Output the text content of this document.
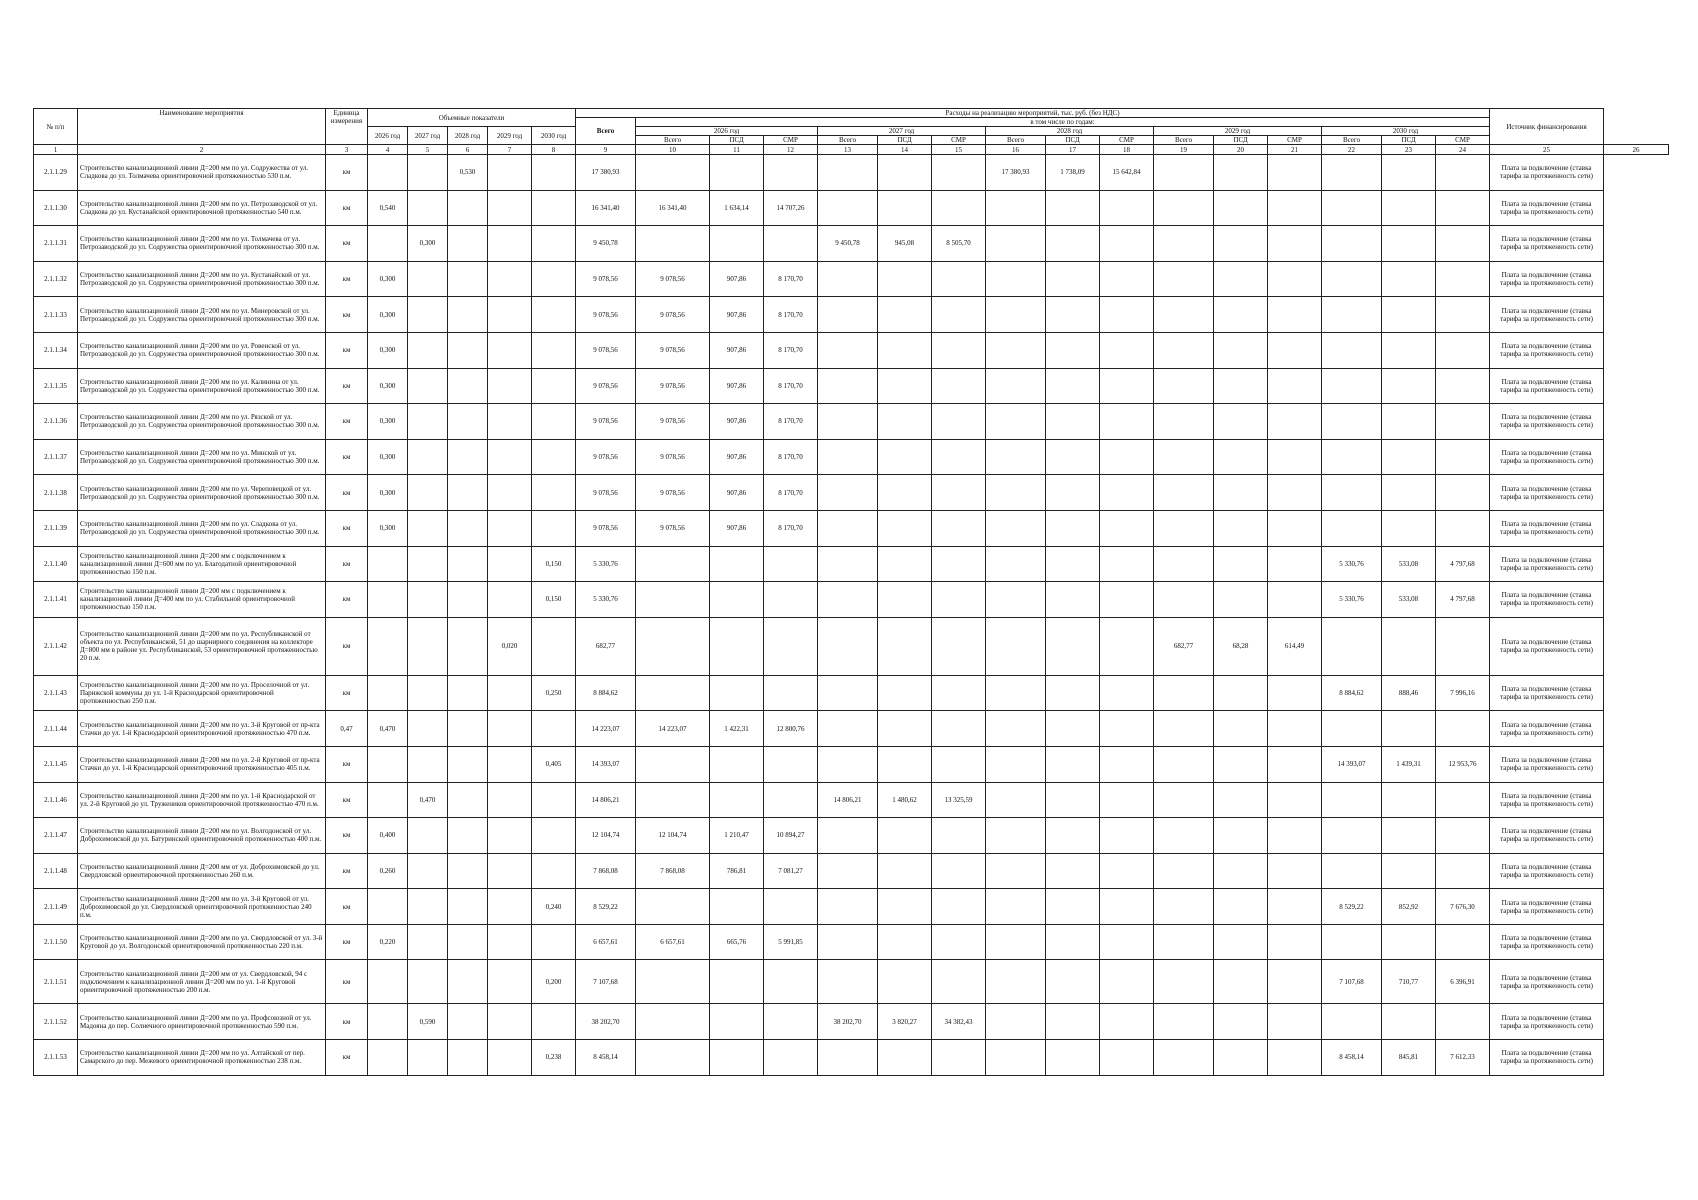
№ п/п	Наименование мероприятия	Единица измерения	Объемные показатели					Расходы на реализацию мероприятий, тыс. руб. (без НДС)																Источник финансирования	
								Всего	в том числе по годам:																
			2026 год	2027 год	2028 год	2029 год	2030 год		2026 год			2027 год			2028 год			2029 год			2030 год				
									Всего	ПСД	СМР	Всего	ПСД	СМР	Всего	ПСД	СМР	Всего	ПСД	СМР	Всего	ПСД	СМР		
1	2	3	4	5	6	7	8	9	10	11	12	13	14	15	16	17	18	19	20	21	22	23	24	25	26
2.1.1.29	Строительство канализационной линии Д=200 мм по ул. Содружества от ул. Сладкова до ул. Толмачева ориентировочной протяженностью 530 п.м.	км			0,530			17 380,93							17 380,93	1 738,09	15 642,84							Плата за подключение (ставка тарифа за протяженность сети)	
2.1.1.30	Строительство канализационной линии Д=200 мм по ул. Петрозаводской от ул. Сладкова до ул. Кустанайской ориентировочной протяженностью 540 п.м.	км	0,540					16 341,40	16 341,40	1 634,14	14 707,26													Плата за подключение (ставка тарифа за протяженность сети)	
2.1.1.31	Строительство канализационной линии Д=200 мм по ул. Толмачева от ул. Петрозаводской до ул. Содружества ориентировочной протяженностью 300 п.м.	км		0,300				9 450,78				9 450,78	945,08	8 505,70										Плата за подключение (ставка тарифа за протяженность сети)	
2.1.1.32	Строительство канализационной линии Д=200 мм по ул. Кустанайской от ул. Петрозаводской до ул. Содружества ориентировочной протяженностью 300 п.м.	км	0,300					9 078,56	9 078,56	907,86	8 170,70													Плата за подключение (ставка тарифа за протяженность сети)	
2.1.1.33	Строительство канализационной линии Д=200 мм по ул. Минеровской от ул. Петрозаводской до ул. Содружества ориентировочной протяженностью 300 п.м.	км	0,300					9 078,56	9 078,56	907,86	8 170,70													Плата за подключение (ставка тарифа за протяженность сети)	
2.1.1.34	Строительство канализационной линии Д=200 мм по ул. Ровенской от ул. Петрозаводской до ул. Содружества ориентировочной протяженностью 300 п.м.	км	0,300					9 078,56	9 078,56	907,86	8 170,70													Плата за подключение (ставка тарифа за протяженность сети)	
2.1.1.35	Строительство канализационной линии Д=200 мм по ул. Калинина от ул. Петрозаводской до ул. Содружества ориентировочной протяженностью 300 п.м.	км	0,300					9 078,56	9 078,56	907,86	8 170,70													Плата за подключение (ставка тарифа за протяженность сети)	
2.1.1.36	Строительство канализационной линии Д=200 мм по ул. Рязской от ул. Петрозаводской до ул. Содружества ориентировочной протяженностью 300 п.м.	км	0,300					9 078,56	9 078,56	907,86	8 170,70													Плата за подключение (ставка тарифа за протяженность сети)	
2.1.1.37	Строительство канализационной линии Д=200 мм по ул. Минской от ул. Петрозаводской до ул. Содружества ориентировочной протяженностью 300 п.м.	км	0,300					9 078,56	9 078,56	907,86	8 170,70													Плата за подключение (ставка тарифа за протяженность сети)	
2.1.1.38	Строительство канализационной линии Д=200 мм по ул. Череповецкой от ул. Петрозаводской до ул. Содружества ориентировочной протяженностью 300 п.м.	км	0,300					9 078,56	9 078,56	907,86	8 170,70													Плата за подключение (ставка тарифа за протяженность сети)	
2.1.1.39	Строительство канализационной линии Д=200 мм по ул. Сладкова от ул. Петрозаводской до ул. Содружества ориентировочной протяженностью 300 п.м.	км	0,300					9 078,56	9 078,56	907,86	8 170,70													Плата за подключение (ставка тарифа за протяженность сети)	
2.1.1.40	Строительство канализационной линии Д=200 мм с подключением к канализационной линии Д=600 мм по ул. Благодатной ориентировочной протяженностью 150 п.м.	км					0,150	5 330,76													5 330,76	533,08	4 797,68	Плата за подключение (ставка тарифа за протяженность сети)	
2.1.1.41	Строительство канализационной линии Д=200 мм с подключением к канализационной линии Д=400 мм по ул. Стабильной ориентировочной протяженностью 150 п.м.	км					0,150	5 330,76													5 330,76	533,08	4 797,68	Плата за подключение (ставка тарифа за протяженность сети)	
2.1.1.42	Строительство канализационной линии Д=200 мм по ул. Республиканской от объекта по ул. Республиканской, 51 до шарнирного соединения на коллекторе Д=800 мм в районе ул. Республиканской, 53 ориентировочной протяженностью 20 п.м.	км				0,020		682,77										682,77	68,28	614,49				Плата за подключение (ставка тарифа за протяженность сети)	
2.1.1.43	Строительство канализационной линии Д=200 мм по ул. Проселочной от ул. Парижской коммуны до ул. 1-й Краснодарской ориентировочной протяженностью 250 п.м.	км					0,250	8 884,62													8 884,62	888,46	7 996,16	Плата за подключение (ставка тарифа за протяженность сети)	
2.1.1.44	Строительство канализационной линии Д=200 мм по ул. 3-й Круговой от пр-кта Стачки до ул. 1-й Краснодарской ориентировочной протяженностью 470 п.м.	0,47	0,470					14 223,07	14 223,07	1 422,31	12 800,76													Плата за подключение (ставка тарифа за протяженность сети)	
2.1.1.45	Строительство канализационной линии Д=200 мм по ул. 2-й Круговой от пр-кта Стачки до ул. 1-й Краснодарской ориентировочной протяженностью 405 п.м.	км					0,405	14 393,07													14 393,07	1 439,31	12 953,76	Плата за подключение (ставка тарифа за протяженность сети)	
2.1.1.46	Строительство канализационной линии Д=200 мм по ул. 1-й Краснодарской от ул. 2-й Круговой до ул. Тружеников ориентировочной протяженностью 470 п.м.	км		0,470				14 806,21				14 806,21	1 480,62	13 325,59										Плата за подключение (ставка тарифа за протяженность сети)	
2.1.1.47	Строительство канализационной линии Д=200 мм по ул. Волгодонской от ул. Доброхимовской до ул. Батуринской ориентировочной протяженностью 400 п.м.	км	0,400					12 104,74	12 104,74	1 210,47	10 894,27													Плата за подключение (ставка тарифа за протяженность сети)	
2.1.1.48	Строительство канализационной линии Д=200 мм от ул. Доброхимовской до ул. Свердловской ориентировочной протяженностью 260 п.м.	км	0,260					7 868,08	7 868,08	786,81	7 081,27													Плата за подключение (ставка тарифа за протяженность сети)	
2.1.1.49	Строительство канализационной линии Д=200 мм по ул. 3-й Круговой от ул. Доброхимовской до ул. Свердловской ориентировочной протяженностью 240 п.м.	км					0,240	8 529,22													8 529,22	852,92	7 676,30	Плата за подключение (ставка тарифа за протяженность сети)	
2.1.1.50	Строительство канализационной линии Д=200 мм по ул. Свердловской от ул. 3-й Круговой до ул. Волгодонской ориентировочной протяженностью 220 п.м.	км	0,220					6 657,61	6 657,61	665,76	5 991,85													Плата за подключение (ставка тарифа за протяженность сети)	
2.1.1.51	Строительство канализационной линии Д=200 мм от ул. Свердловской, 94 с подключением к канализационной линии Д=200 мм по ул. 1-й Круговой ориентировочной протяженностью 200 п.м.	км					0,200	7 107,68													7 107,68	710,77	6 396,91	Плата за подключение (ставка тарифа за протяженность сети)	
2.1.1.52	Строительство канализационной линии Д=200 мм по ул. Профсоюзной от ул. Мадояна до пер. Солнечного ориентировочной протяженностью 590 п.м.	км		0,590				38 202,70				38 202,70	3 820,27	34 382,43										Плата за подключение (ставка тарифа за протяженность сети)	
2.1.1.53	Строительство канализационной линии Д=200 мм по ул. Алтайской от пер. Самарского до пер. Межевого ориентировочной протяженностью 238 п.м.	км					0,238	8 458,14													8 458,14	845,81	7 612,33	Плата за подключение (ставка тарифа за протяженность сети)	
